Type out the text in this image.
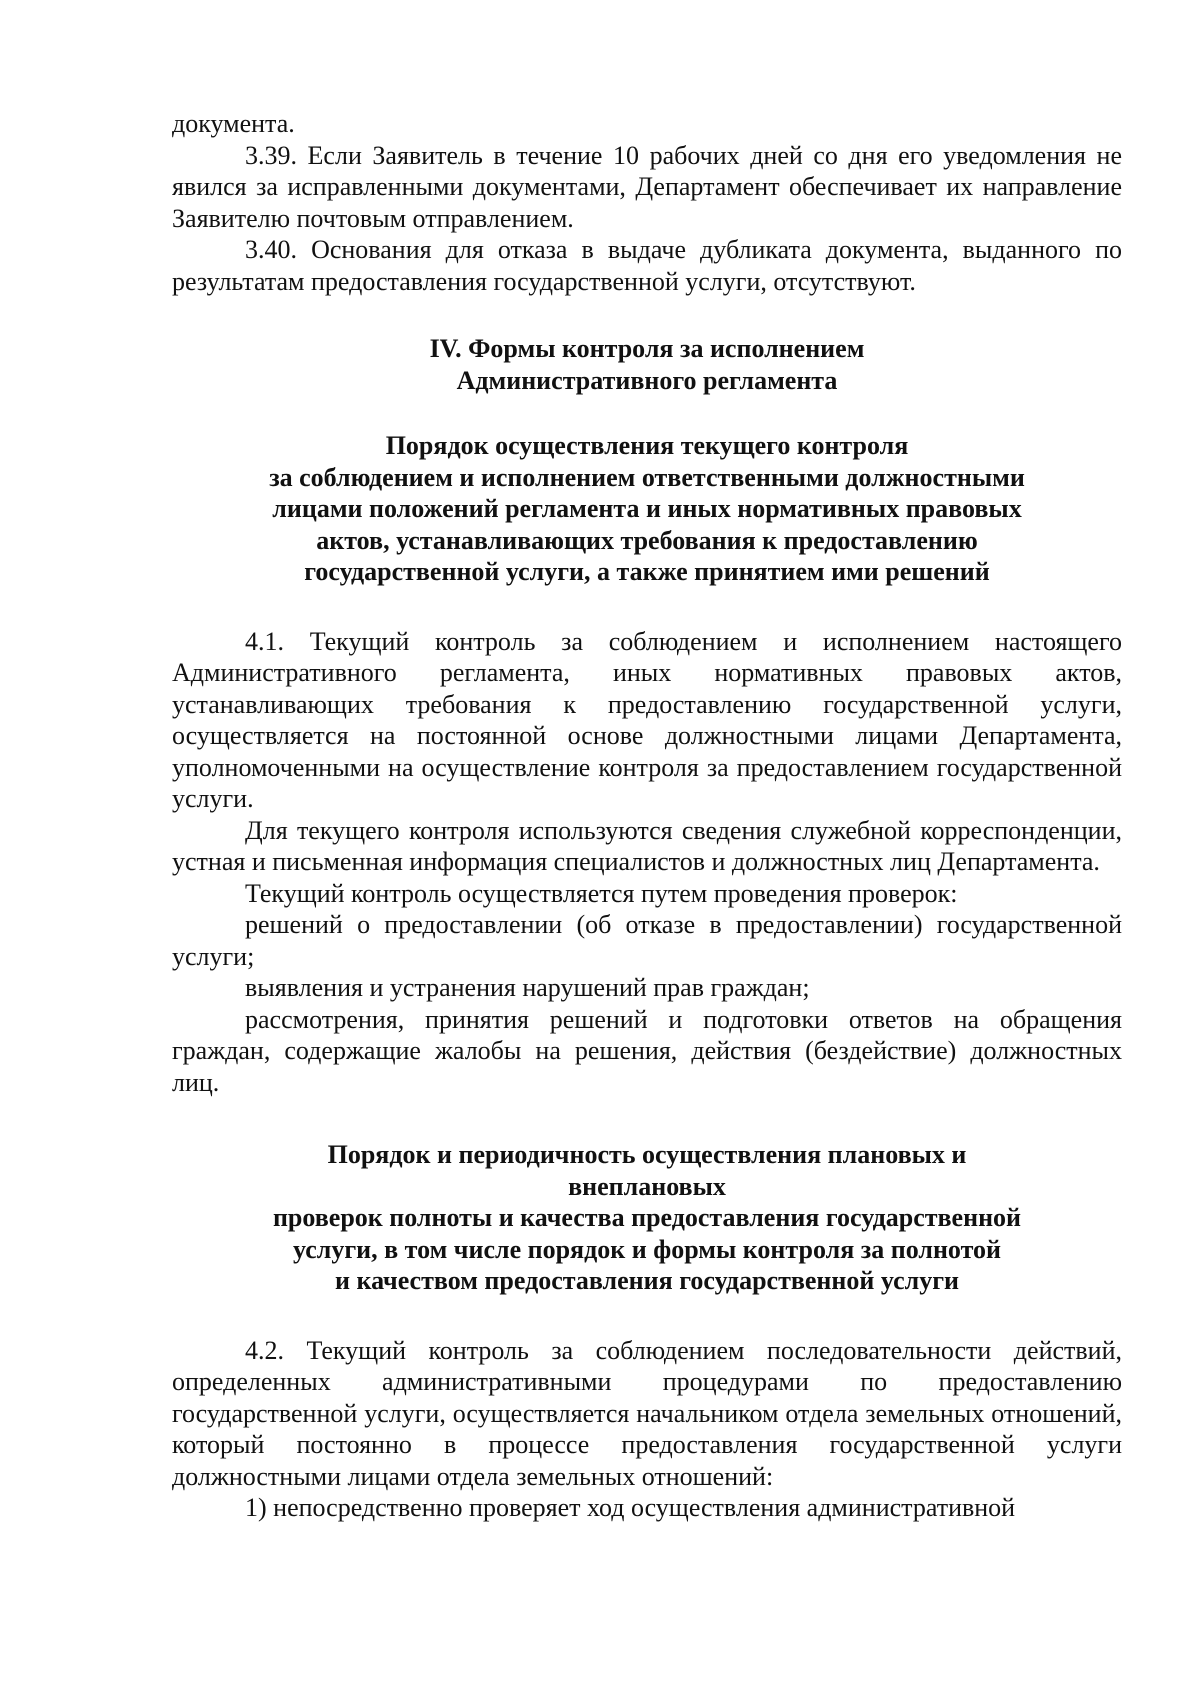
документа.

3.39. Если Заявитель в течение 10 рабочих дней со дня его уведомления не явился за исправленными документами, Департамент обеспечивает их направление Заявителю почтовым отправлением.

3.40. Основания для отказа в выдаче дубликата документа, выданного по результатам предоставления государственной услуги, отсутствуют.

IV. Формы контроля за исполнением

Административного регламента

Порядок осуществления текущего контроля

за соблюдением и исполнением ответственными должностными

лицами положений регламента и иных нормативных правовых

актов, устанавливающих требования к предоставлению

государственной услуги, а также принятием ими решений

4.1. Текущий контроль за соблюдением и исполнением настоящего Административного регламента, иных нормативных правовых актов, устанавливающих требования к предоставлению государственной услуги, осуществляется на постоянной основе должностными лицами Департамента, уполномоченными на осуществление контроля за предоставлением государственной услуги.

Для текущего контроля используются сведения служебной корреспонденции, устная и письменная информация специалистов и должностных лиц Департамента.

Текущий контроль осуществляется путем проведения проверок:

решений о предоставлении (об отказе в предоставлении) государственной услуги;

выявления и устранения нарушений прав граждан;

рассмотрения, принятия решений и подготовки ответов на обращения граждан, содержащие жалобы на решения, действия (бездействие) должностных лиц.

Порядок и периодичность осуществления плановых и

внеплановых

проверок полноты и качества предоставления государственной

услуги, в том числе порядок и формы контроля за полнотой

и качеством предоставления государственной услуги

4.2. Текущий контроль за соблюдением последовательности действий, определенных административными процедурами по предоставлению государственной услуги, осуществляется начальником отдела земельных отношений, который постоянно в процессе предоставления государственной услуги должностными лицами отдела земельных отношений:

1) непосредственно проверяет ход осуществления административной
